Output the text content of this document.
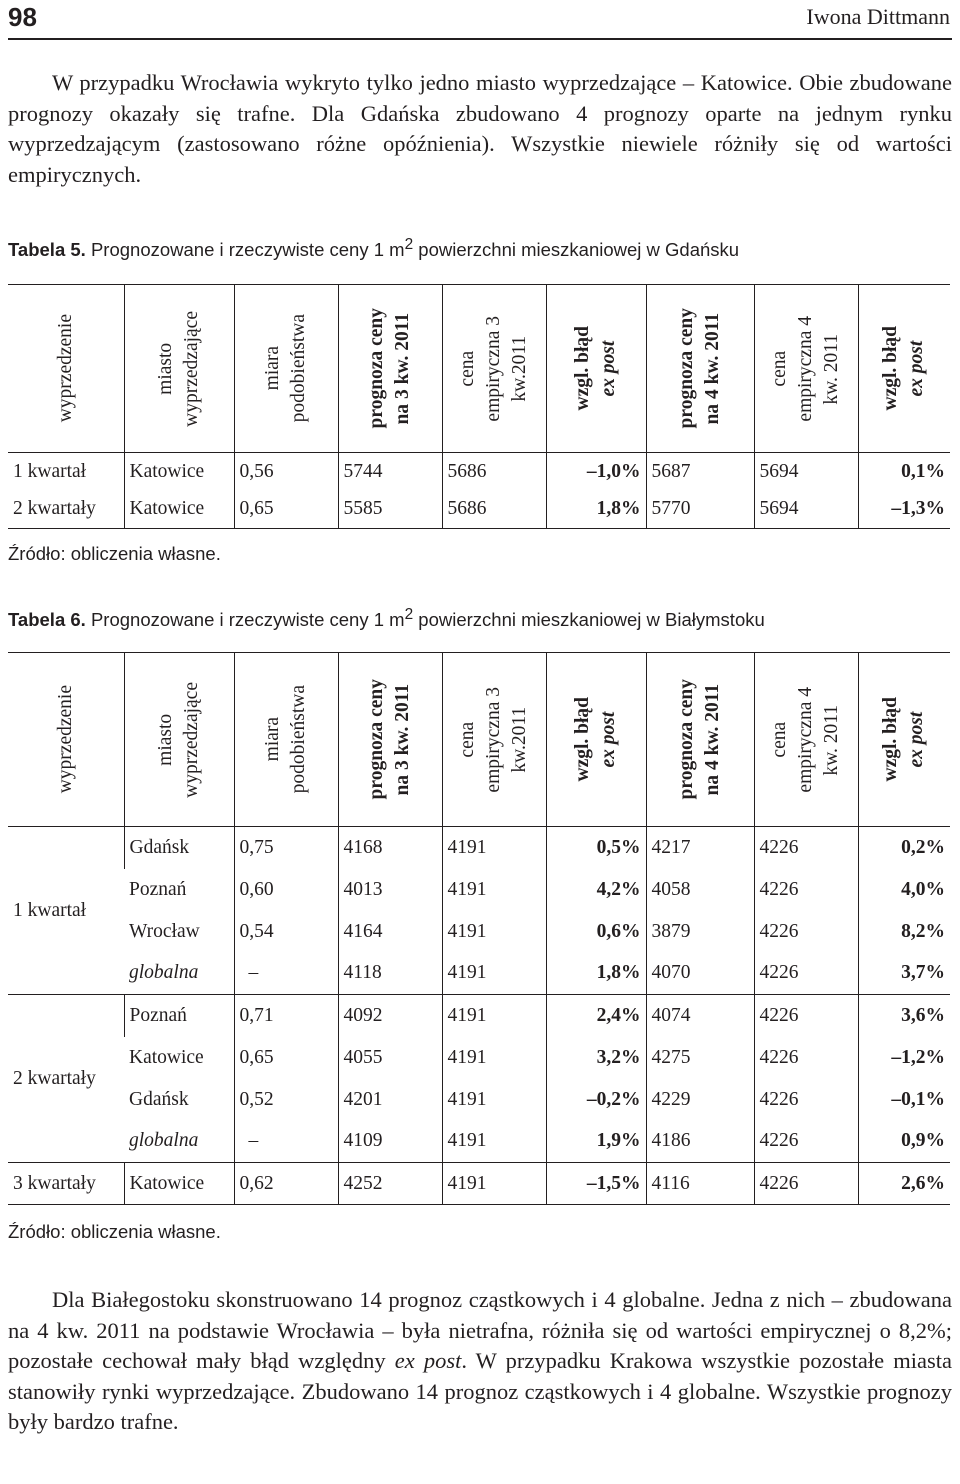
98	Iwona Dittmann

W przypadku Wrocławia wykryto tylko jedno miasto wyprzedzające – Katowice. Obie zbudowane prognozy okazały się trafne. Dla Gdańska zbudowano 4 prognozy oparte na jednym rynku wyprzedzającym (zastosowano różne opóźnienia). Wszystkie niewiele różniły się od wartości empirycznych.

Tabela 5. Prognozowane i rzeczywiste ceny 1 $m^2$ powierzchni mieszkaniowej w Gdańsku
wyprzedzenie	miasto wyprzedzające	miara podobieństwa	prognoza ceny na 3 kw. 2011	cena empiryczna 3 kw.2011	wzgl. błąd ex post	prognoza ceny na 4 kw. 2011	cena empiryczna 4 kw. 2011	wzgl. błąd ex post

1 kwartał	Katowice	0,56	5744	5686	–1,0%	5687	5694	0,1%
2 kwartały	Katowice	0,65	5585	5686	1,8%	5770	5694	–1,3%
Źródło: obliczenia własne.
Tabela 6. Prognozowane i rzeczywiste ceny 1 $m^2$ powierzchni mieszkaniowej w Białymstoku
wyprzedzenie	miasto wyprzedzające	miara podobieństwa	prognoza ceny na 3 kw. 2011	cena empiryczna 3 kw.2011	wzgl. błąd ex post	prognoza ceny na 4 kw. 2011	cena empiryczna 4 kw. 2011	wzgl. błąd ex post

1 kwartał	Gdańsk	0,75	4168	4191	0,5%	4217	4226	0,2%
	Poznań	0,60	4013	4191	4,2%	4058	4226	4,0%
	Wrocław	0,54	4164	4191	0,6%	3879	4226	8,2%
	globalna	–	4118	4191	1,8%	4070	4226	3,7%
2 kwartały	Poznań	0,71	4092	4191	2,4%	4074	4226	3,6%
	Katowice	0,65	4055	4191	3,2%	4275	4226	–1,2%
	Gdańsk	0,52	4201	4191	–0,2%	4229	4226	–0,1%
	globalna	–	4109	4191	1,9%	4186	4226	0,9%
3 kwartały	Katowice	0,62	4252	4191	–1,5%	4116	4226	2,6%
Źródło: obliczenia własne.

Dla Białegostoku skonstruowano 14 prognoz cząstkowych i 4 globalne. Jedna z nich – zbudowana na 4 kw. 2011 na podstawie Wrocławia – była nietrafna, różniła się od wartości empirycznej o 8,2%; pozostałe cechował mały błąd względny ex post. W przypadku Krakowa wszystkie pozostałe miasta stanowiły rynki wyprzedzające. Zbudowano 14 prognoz cząstkowych i 4 globalne. Wszystkie prognozy były bardzo trafne.
